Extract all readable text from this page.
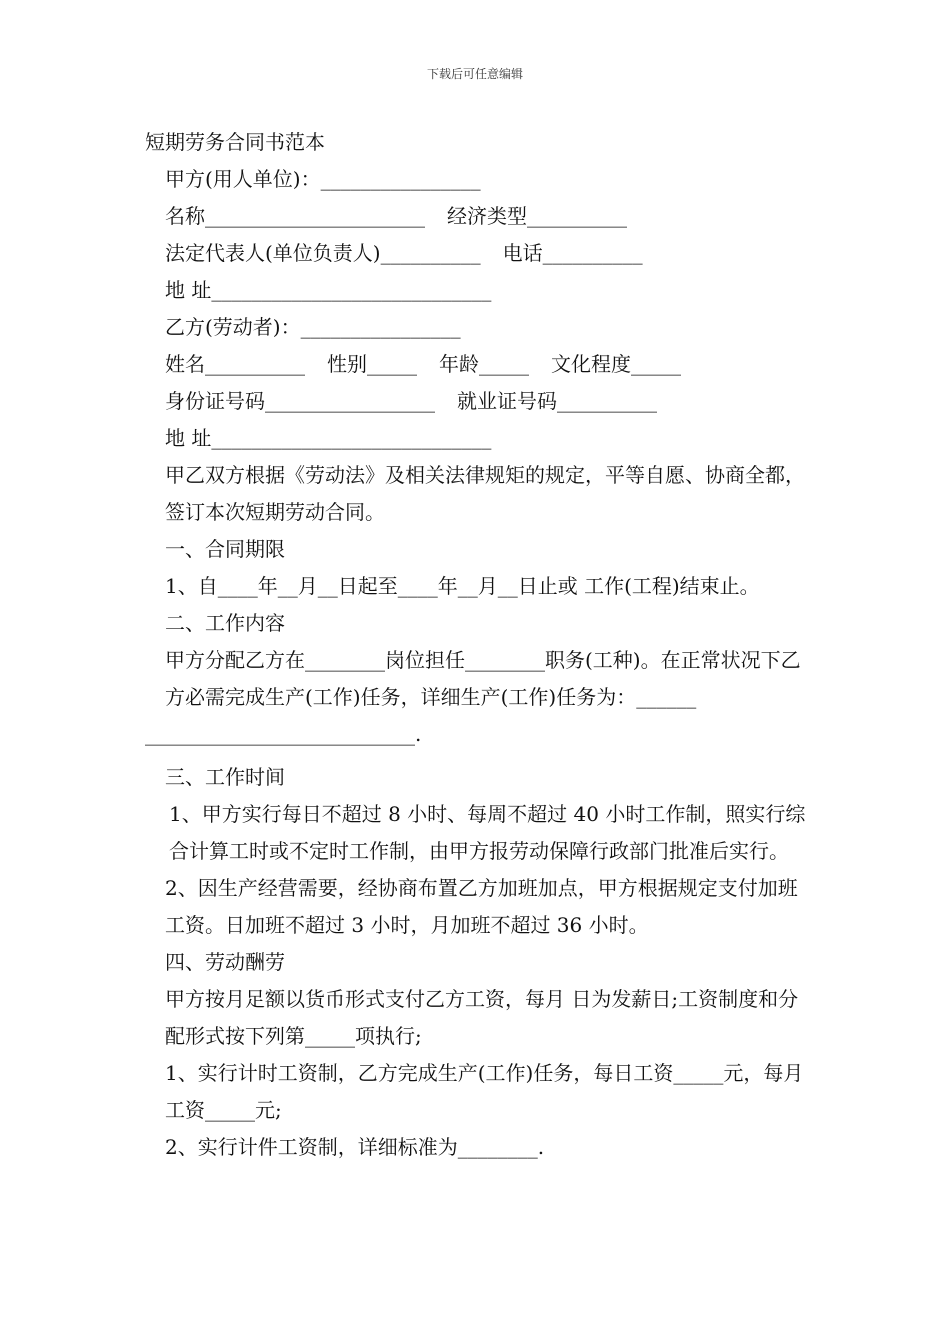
下载后可任意编辑

短期劳务合同书范本

甲方(用人单位)：________________

名称______________________ 经济类型__________

法定代表人(单位负责人)__________ 电话__________

地 址____________________________

乙方(劳动者)：________________

姓名__________ 性别_____ 年龄_____ 文化程度_____

身份证号码_________________ 就业证号码__________

地 址____________________________

甲乙双方根据《劳动法》及相关法律规矩的规定，平等自愿、协商全都，签订本次短期劳动合同。

一、合同期限

1、自____年__月__日起至____年__月__日止或 工作(工程)结束止。

二、工作内容

甲方分配乙方在________岗位担任________职务(工种)。在正常状况下乙方必需完成生产(工作)任务，详细生产(工作)任务为：______

___________________________.

三、工作时间

1、甲方实行每日不超过 8 小时、每周不超过 40 小时工作制，照实行综合计算工时或不定时工作制，由甲方报劳动保障行政部门批准后实行。

2、因生产经营需要，经协商布置乙方加班加点，甲方根据规定支付加班工资。日加班不超过 3 小时，月加班不超过 36 小时。

四、劳动酬劳

甲方按月足额以货币形式支付乙方工资，每月 日为发薪日;工资制度和分配形式按下列第_____项执行;

1、实行计时工资制，乙方完成生产(工作)任务，每日工资_____元，每月工资_____元;

2、实行计件工资制，详细标准为________.
